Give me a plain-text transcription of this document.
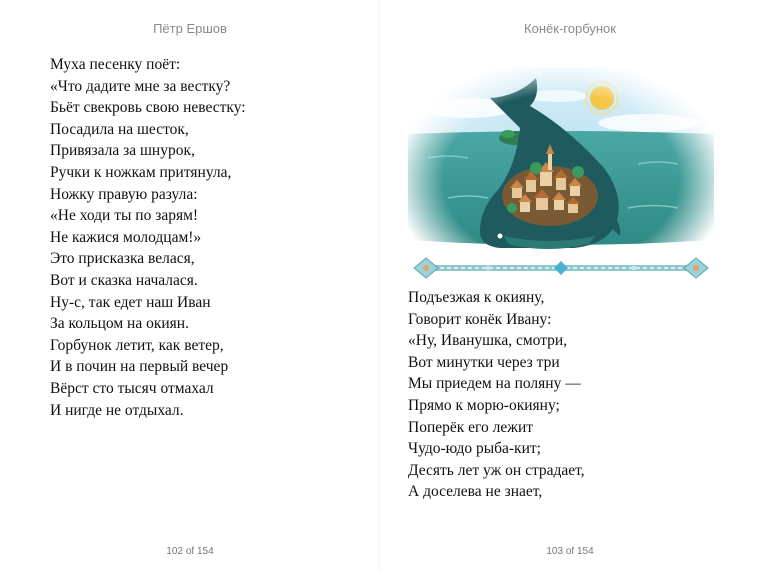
Пётр Ершов
Муха песенку поёт:
«Что дадите мне за вестку?
Бьёт свекровь свою невестку:
Посадила на шесток,
Привязала за шнурок,
Ручки к ножкам притянула,
Ножку правую разула:
«Не ходи ты по зарям!
Не кажися молодцам!»
Это присказка велася,
Вот и сказка началася.
Ну-с, так едет наш Иван
За кольцом на окиян.
Горбунок летит, как ветер,
И в почин на первый вечер
Вёрст сто тысяч отмахал
И нигде не отдыхал.
102 of 154
Конёк-горбунок
Подъезжая к окияну,
Говорит конёк Ивану:
«Ну, Иванушка, смотри,
Вот минутки через три
Мы приедем на поляну —
Прямо к морю-окияну;
Поперёк его лежит
Чудо-юдо рыба-кит;
Десять лет уж он страдает,
А доселева не знает,
103 of 154
